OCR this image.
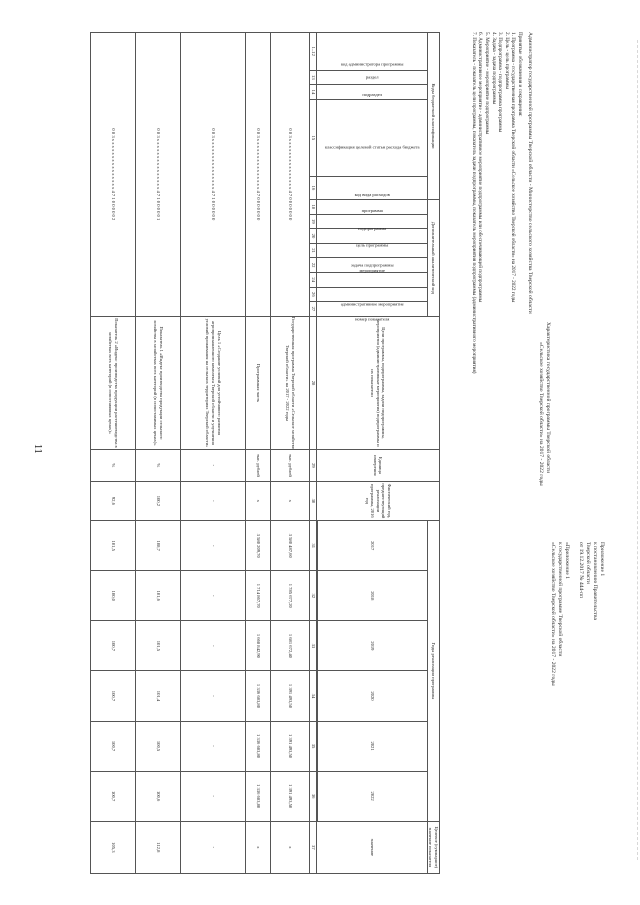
11
Приложение 1
к постановлению Правительства
Тверской области
от 19.12.2017 № 444-пп
«Приложение 1
к государственной программе Тверской области
«Сельское хозяйство Тверской области» на 2017 - 2022 годы
Характеристика государственной программы Тверской области
«Сельское хозяйство Тверской области» на 2017 - 2022 годы
Администратор государственной программы Тверской области - Министерство сельского хозяйства Тверской области
Принятые обозначения и сокращения:
1. Программа - государственная программа Тверской области «Сельское хозяйство Тверской области» на 2017 - 2022 годы
2. Цель - цель программы
3. Подпрограмма - подпрограмма программы
4. Задача - задача подпрограммы
5. Мероприятие - мероприятие подпрограммы
6. Административное мероприятие - административное мероприятие подпрограммы или обеспечивающей подпрограммы
7. Показатель - показатель цели программы, показатель задачи подпрограммы, показатель мероприятия подпрограммы (административного мероприятия)
Коды бюджетной классификации					Дополнительный аналитический код								Цели программы, подпрограммы, задачи подпрограммы, мероприятия (административные мероприятия) подпрограммы и их показатели	Единица измерения	Фактический год, предшествующий реализации программы, 2016 год	Годы реализации программы						Целевое (суммарное) значение показателя
код администратора программы	раздел	подраздел	классификация целевой статьи расхода бюджета	код вида расходов	программа	подпрограмма	цель программы	задача подпрограммы	мероприятие	административное мероприятие		номер показателя				2017	2018	2019	2020	2021	2022	значение

1–12	13	14	15	16	18	19	20	21	22	24	26	27	28	29	30	31	32	33	34	35	36	37
0 8 3 х х х х х х х х х х х х х х х 4 7 0 0 0 0 0 0 0													Государственная программа Тверской области «Сельское хозяйство Тверской области» на 2017 - 2022 годы	тыс. рублей	х	3 580 487,60	1 785 677,20	1 681 672,40	1 391 493,50	1 391 493,50	1 391 493,50	х
0 8 3 х х х х х х х х х х х х х х х 4 7 0 0 0 0 0 0 0													Программная часть	тыс. рублей	х	3 580 209,70	1 714 867,70	1 668 842,90	1 336 683,80	1 336 683,80	1 336 683,80	х
0 8 3 х х х х х х х х х х х х х х х 4 7 1 0 0 0 0 0 0													Цель 1 «Создание условий для устойчивого развития агропромышленного комплекса Тверской области и улучшения условий проживания на сельских территориях Тверской области»	-	-	-	-	-	-	-	-	-
0 8 3 х х х х х х х х х х х х х х х 4 7 1 0 0 0 0 0 1													Показатель 1 «Индекс производства продукции сельского хозяйства в хозяйствах всех категорий (в сопоставимых ценах)»	%	100,2	108,7	101,6	101,5	101,4	100,5	100,6	112,8
0 8 3 х х х х х х х х х х х х х х х 4 7 1 0 0 0 0 0 2													Показатель 2 «Индекс производства продукции растениеводства в хозяйствах всех категорий (в сопоставимых ценах)»	%	92,6	101,5	100,0	100,7	100,7	100,7	100,7	105,3
